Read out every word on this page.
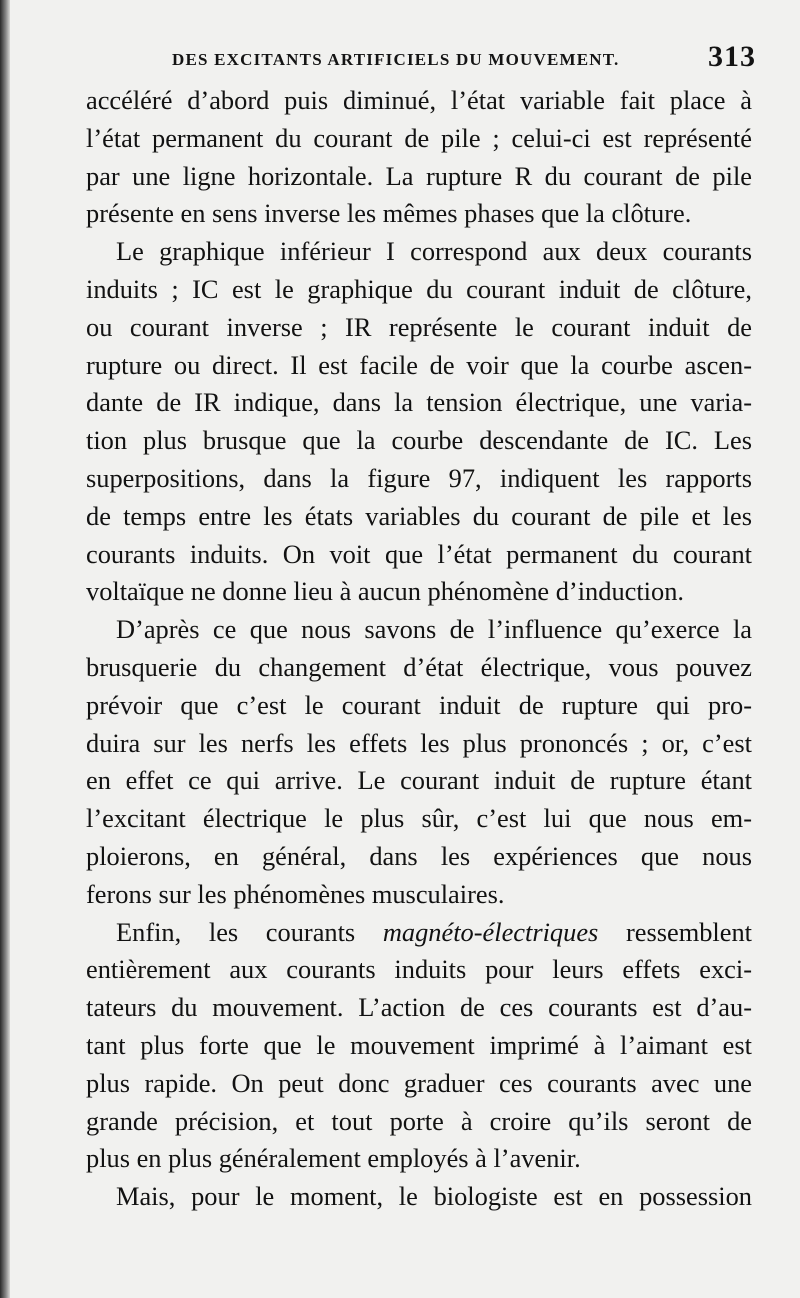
DES EXCITANTS ARTIFICIELS DU MOUVEMENT.	313
accéléré d’abord puis diminué, l’état variable fait place à
l’état permanent du courant de pile ; celui-ci est représenté
par une ligne horizontale. La rupture R du courant de pile
présente en sens inverse les mêmes phases que la clôture.
Le graphique inférieur I correspond aux deux courants
induits ; IC est le graphique du courant induit de clôture,
ou courant inverse ; IR représente le courant induit de
rupture ou direct. Il est facile de voir que la courbe ascen-
dante de IR indique, dans la tension électrique, une varia-
tion plus brusque que la courbe descendante de IC. Les
superpositions, dans la figure 97, indiquent les rapports
de temps entre les états variables du courant de pile et les
courants induits. On voit que l’état permanent du courant
voltaïque ne donne lieu à aucun phénomène d’induction.
D’après ce que nous savons de l’influence qu’exerce la
brusquerie du changement d’état électrique, vous pouvez
prévoir que c’est le courant induit de rupture qui pro-
duira sur les nerfs les effets les plus prononcés ; or, c’est
en effet ce qui arrive. Le courant induit de rupture étant
l’excitant électrique le plus sûr, c’est lui que nous em-
ploierons, en général, dans les expériences que nous
ferons sur les phénomènes musculaires.
Enfin, les courants magnéto-électriques ressemblent
entièrement aux courants induits pour leurs effets exci-
tateurs du mouvement. L’action de ces courants est d’au-
tant plus forte que le mouvement imprimé à l’aimant est
plus rapide. On peut donc graduer ces courants avec une
grande précision, et tout porte à croire qu’ils seront de
plus en plus généralement employés à l’avenir.
Mais, pour le moment, le biologiste est en possession
